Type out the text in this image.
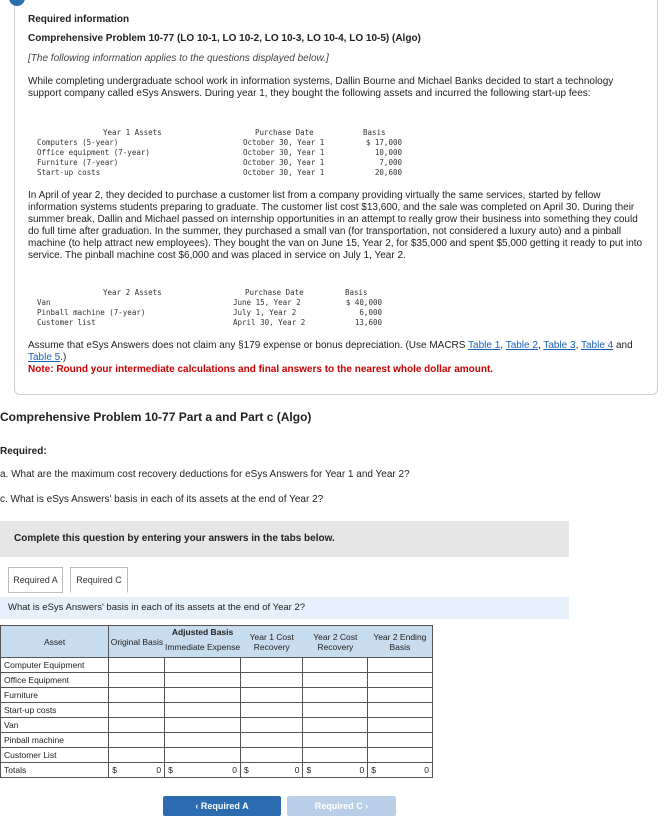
Required information
Comprehensive Problem 10-77 (LO 10-1, LO 10-2, LO 10-3, LO 10-4, LO 10-5) (Algo)
[The following information applies to the questions displayed below.]
While completing undergraduate school work in information systems, Dallin Bourne and Michael Banks decided to start a technology support company called eSys Answers. During year 1, they bought the following assets and incurred the following start-up fees:
Year 1 Assets	Purchase Date	Basis
Computers (5-year)	October 30, Year 1	$ 17,000
Office equipment (7-year)	October 30, Year 1	10,000
Furniture (7-year)	October 30, Year 1	7,000
Start-up costs	October 30, Year 1	20,600
In April of year 2, they decided to purchase a customer list from a company providing virtually the same services, started by fellow information systems students preparing to graduate. The customer list cost $13,600, and the sale was completed on April 30. During their summer break, Dallin and Michael passed on internship opportunities in an attempt to really grow their business into something they could do full time after graduation. In the summer, they purchased a small van (for transportation, not considered a luxury auto) and a pinball machine (to help attract new employees). They bought the van on June 15, Year 2, for $35,000 and spent $5,000 getting it ready to put into service. The pinball machine cost $6,000 and was placed in service on July 1, Year 2.
Year 2 Assets	Purchase Date	Basis
Van	June 15, Year 2	$ 40,000
Pinball machine (7-year)	July 1, Year 2	6,000
Customer list	April 30, Year 2	13,600
Assume that eSys Answers does not claim any §179 expense or bonus depreciation. (Use MACRS Table 1, Table 2, Table 3, Table 4 and Table 5.)
Note: Round your intermediate calculations and final answers to the nearest whole dollar amount.
Comprehensive Problem 10-77 Part a and Part c (Algo)
Required:
a. What are the maximum cost recovery deductions for eSys Answers for Year 1 and Year 2?
c. What is eSys Answers' basis in each of its assets at the end of Year 2?
Complete this question by entering your answers in the tabs below.
Required A	Required C
What is eSys Answers' basis in each of its assets at the end of Year 2?
Asset	Original Basis	Adjusted Basis	Year 1 Cost Recovery	Year 2 Cost Recovery	Year 2 Ending Basis
		Immediate Expense			
Computer Equipment					
Office Equipment					
Furniture					
Start-up costs					
Van					
Pinball machine					
Customer List					
Totals	$ 0	$ 0	$ 0	$ 0	$ 0
‹ Required A	Required C ›
